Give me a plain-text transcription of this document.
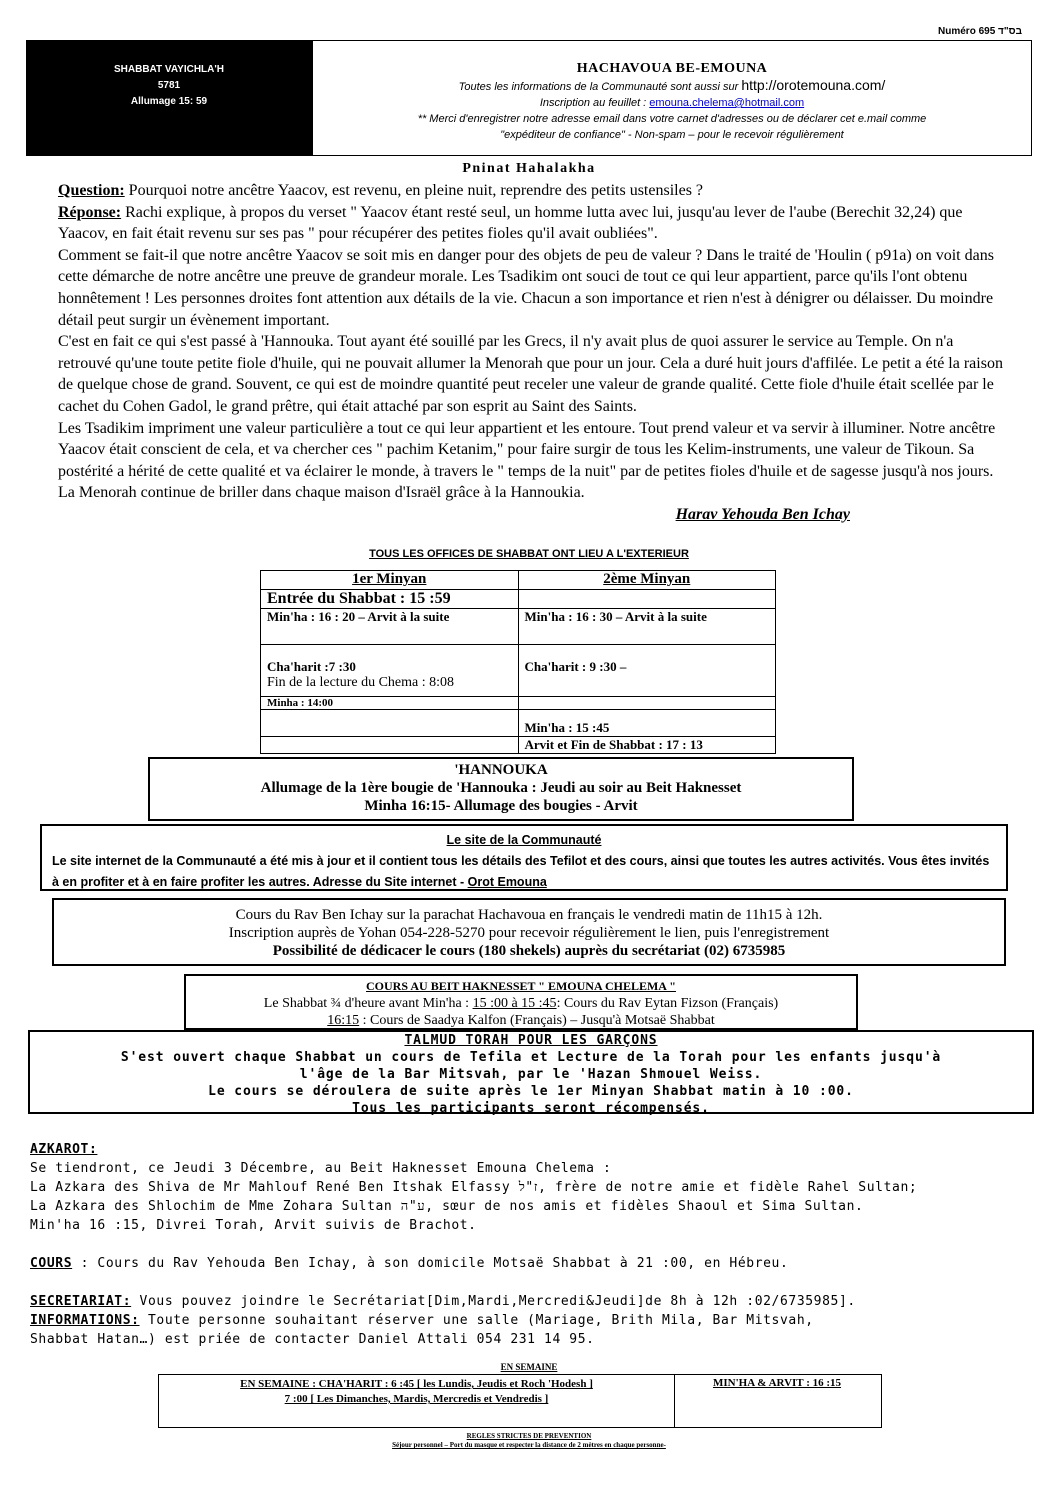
Numéro 695 בס"ד
SHABBAT VAYICHLA'H
5781
Allumage 15: 59
HACHAVOUA BE-EMOUNA
Toutes les informations de la Communauté sont aussi sur http://orotemouna.com/
Inscription au feuillet : emouna.chelema@hotmail.com
** Merci d'enregistrer notre adresse email dans votre carnet d'adresses ou de déclarer cet e.mail comme
"expéditeur de confiance" - Non-spam – pour le recevoir régulièrement
Pninat Hahalakha

Question: Pourquoi notre ancêtre Yaacov, est revenu, en pleine nuit, reprendre des petits ustensiles ?

Réponse: Rachi explique, à propos du verset " Yaacov étant resté seul, un homme lutta avec lui, jusqu'au lever de l'aube (Berechit 32,24) que Yaacov, en fait était revenu sur ses pas " pour récupérer des petites fioles qu'il avait oubliées".

Comment se fait-il que notre ancêtre Yaacov se soit mis en danger pour des objets de peu de valeur ? Dans le traité de 'Houlin ( p91a) on voit dans cette démarche de notre ancêtre une preuve de grandeur morale. Les Tsadikim ont souci de tout ce qui leur appartient, parce qu'ils l'ont obtenu honnêtement ! Les personnes droites font attention aux détails de la vie. Chacun a son importance et rien n'est à dénigrer ou délaisser. Du moindre détail peut surgir un évènement important.

C'est en fait ce qui s'est passé à 'Hannouka. Tout ayant été souillé par les Grecs, il n'y avait plus de quoi assurer le service au Temple. On n'a retrouvé qu'une toute petite fiole d'huile, qui ne pouvait allumer la Menorah que pour un jour. Cela a duré huit jours d'affilée. Le petit a été la raison de quelque chose de grand. Souvent, ce qui est de moindre quantité peut receler une valeur de grande qualité. Cette fiole d'huile était scellée par le cachet du Cohen Gadol, le grand prêtre, qui était attaché par son esprit au Saint des Saints.

Les Tsadikim impriment une valeur particulière a tout ce qui leur appartient et les entoure. Tout prend valeur et va servir à illuminer. Notre ancêtre Yaacov était conscient de cela, et va chercher ces " pachim Ketanim," pour faire surgir de tous les Kelim-instruments, une valeur de Tikoun. Sa postérité a hérité de cette qualité et va éclairer le monde, à travers le " temps de la nuit" par de petites fioles d'huile et de sagesse jusqu'à nos jours. La Menorah continue de briller dans chaque maison d'Israël grâce à la Hannoukia.

Harav Yehouda Ben Ichay

TOUS LES OFFICES DE SHABBAT ONT LIEU A L'EXTERIEUR
1er Minyan	2ème Minyan
Entrée du Shabbat : 15 :59	
Min'ha : 16 : 20 – Arvit à la suite	Min'ha : 16 : 30 – Arvit à la suite

Cha'harit :7 :30
Fin de la lecture du Chema : 8:08	Cha'harit : 9 :30 –

Minha : 14:00	
	Min'ha : 15 :45
	Arvit et Fin de Shabbat : 17 : 13
'HANNOUKA
Allumage de la 1ère bougie de 'Hannouka : Jeudi au soir au Beit Haknesset
Minha 16:15- Allumage des bougies - Arvit
Le site de la Communauté
Le site internet de la Communauté a été mis à jour et il contient tous les détails des Tefilot et des cours, ainsi que toutes les autres activités. Vous êtes invités à en profiter et à en faire profiter les autres. Adresse du Site internet - Orot Emouna
Cours du Rav Ben Ichay sur la parachat Hachavoua en français le vendredi matin de 11h15 à 12h.
Inscription auprès de Yohan 054-228-5270 pour recevoir régulièrement le lien, puis l'enregistrement
Possibilité de dédicacer le cours (180 shekels) auprès du secrétariat (02) 6735985
COURS AU BEIT HAKNESSET " EMOUNA CHELEMA "
Le Shabbat ¾ d'heure avant Min'ha : 15 :00 à 15 :45: Cours du Rav Eytan Fizson (Français)
16:15 : Cours de Saadya Kalfon (Français) – Jusqu'à Motsaë Shabbat
TALMUD TORAH POUR LES GARÇONS
S'est ouvert chaque Shabbat un cours de Tefila et Lecture de la Torah pour les enfants jusqu'à
l'âge de la Bar Mitsvah, par le 'Hazan Shmouel Weiss.
Le cours se déroulera de suite après le 1er Minyan Shabbat matin à 10 :00.
Tous les participants seront récompensés.

AZKAROT:

Se tiendront, ce Jeudi 3 Décembre, au Beit Haknesset Emouna Chelema :

La Azkara des Shiva de Mr Mahlouf René Ben Itshak Elfassy ז"ל, frère de notre amie et fidèle Rahel Sultan;

La Azkara des Shlochim de Mme Zohara Sultan ע"ה, sœur de nos amis et fidèles Shaoul et Sima Sultan.

Min'ha 16 :15, Divrei Torah, Arvit suivis de Brachot.

COURS : Cours du Rav Yehouda Ben Ichay, à son domicile Motsaë Shabbat à 21 :00, en Hébreu.

SECRETARIAT: Vous pouvez joindre le Secrétariat[Dim,Mardi,Mercredi&Jeudi]de 8h à 12h :02/6735985].

INFORMATIONS: Toute personne souhaitant réserver une salle (Mariage, Brith Mila, Bar Mitsvah,

Shabbat Hatan…) est priée de contacter Daniel Attali 054 231 14 95.

EN SEMAINE
EN SEMAINE : CHA'HARIT : 6 :45 [ les Lundis, Jeudis et Roch 'Hodesh ]
7 :00 [ Les Dimanches, Mardis, Mercredis et Vendredis ]
MIN'HA & ARVIT : 16 :15
REGLES STRICTES DE PREVENTION
Séjour personnel – Port du masque et respecter la distance de 2 mètres en chaque personne-
